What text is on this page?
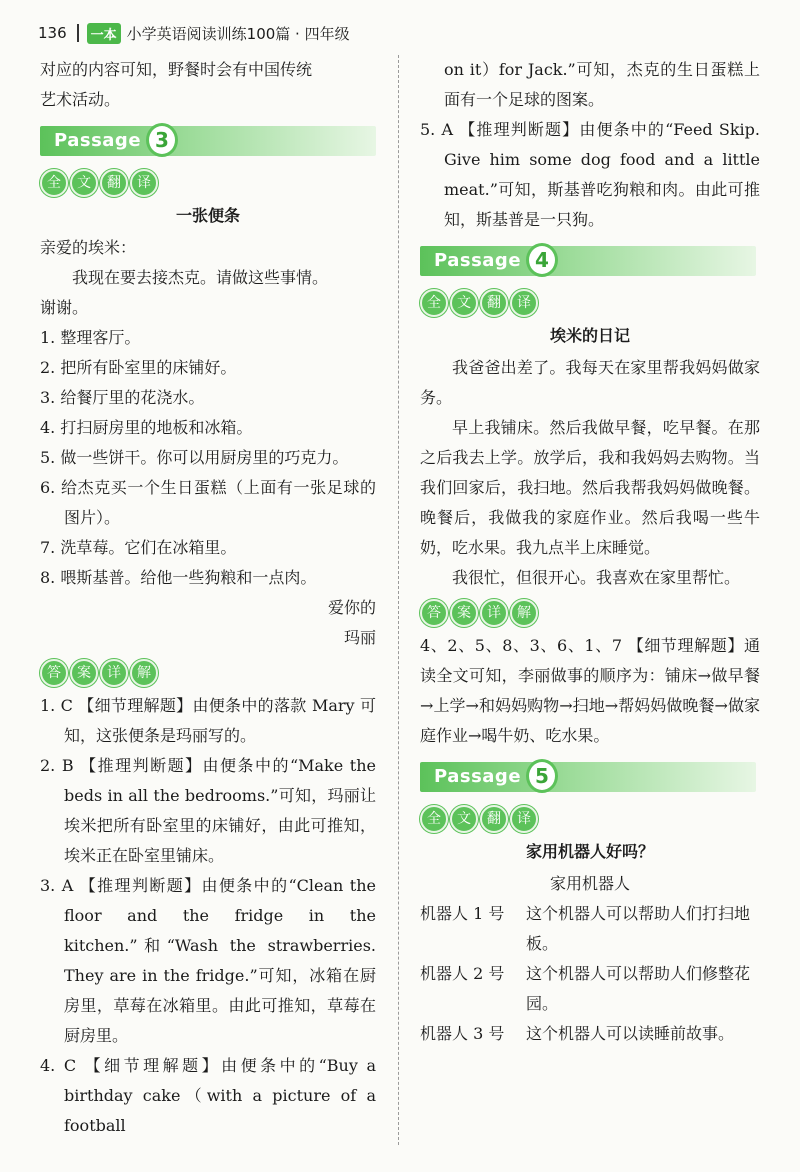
136	一本 小学英语阅读训练100篇 · 四年级

对应的内容可知，野餐时会有中国传统

艺术活动。

Passage 3
全	文	翻	译

一张便条

亲爱的埃米：

我现在要去接杰克。请做这些事情。

谢谢。

1. 整理客厅。

2. 把所有卧室里的床铺好。

3. 给餐厅里的花浇水。

4. 打扫厨房里的地板和冰箱。

5. 做一些饼干。你可以用厨房里的巧克力。

6. 给杰克买一个生日蛋糕（上面有一张足球的图片）。

7. 洗草莓。它们在冰箱里。

8. 喂斯基普。给他一些狗粮和一点肉。

爱你的

玛丽

答	案	详	解

1. C 【细节理解题】由便条中的落款 Mary 可知，这张便条是玛丽写的。

2. B 【推理判断题】由便条中的“Make the beds in all the bedrooms.”可知，玛丽让埃米把所有卧室里的床铺好，由此可推知，埃米正在卧室里铺床。

3. A 【推理判断题】由便条中的“Clean the floor and the fridge in the kitchen.”和“Wash the strawberries. They are in the fridge.”可知，冰箱在厨房里，草莓在冰箱里。由此可推知，草莓在厨房里。

4. C 【细节理解题】由便条中的“Buy a birthday cake（with a picture of a football

on it）for Jack.”可知，杰克的生日蛋糕上面有一个足球的图案。

5. A 【推理判断题】由便条中的“Feed Skip. Give him some dog food and a little meat.”可知，斯基普吃狗粮和肉。由此可推知，斯基普是一只狗。

Passage 4
全	文	翻	译

埃米的日记

我爸爸出差了。我每天在家里帮我妈妈做家务。

早上我铺床。然后我做早餐，吃早餐。在那之后我去上学。放学后，我和我妈妈去购物。当我们回家后，我扫地。然后我帮我妈妈做晚餐。晚餐后，我做我的家庭作业。然后我喝一些牛奶，吃水果。我九点半上床睡觉。

我很忙，但很开心。我喜欢在家里帮忙。

答	案	详	解

4、2、5、8、3、6、1、7 【细节理解题】通读全文可知，李丽做事的顺序为：铺床→做早餐→上学→和妈妈购物→扫地→帮妈妈做晚餐→做家庭作业→喝牛奶、吃水果。

Passage 5
全	文	翻	译

家用机器人好吗？

家用机器人

机器人 1 号	这个机器人可以帮助人们打扫地板。
机器人 2 号	这个机器人可以帮助人们修整花园。
机器人 3 号	这个机器人可以读睡前故事。
